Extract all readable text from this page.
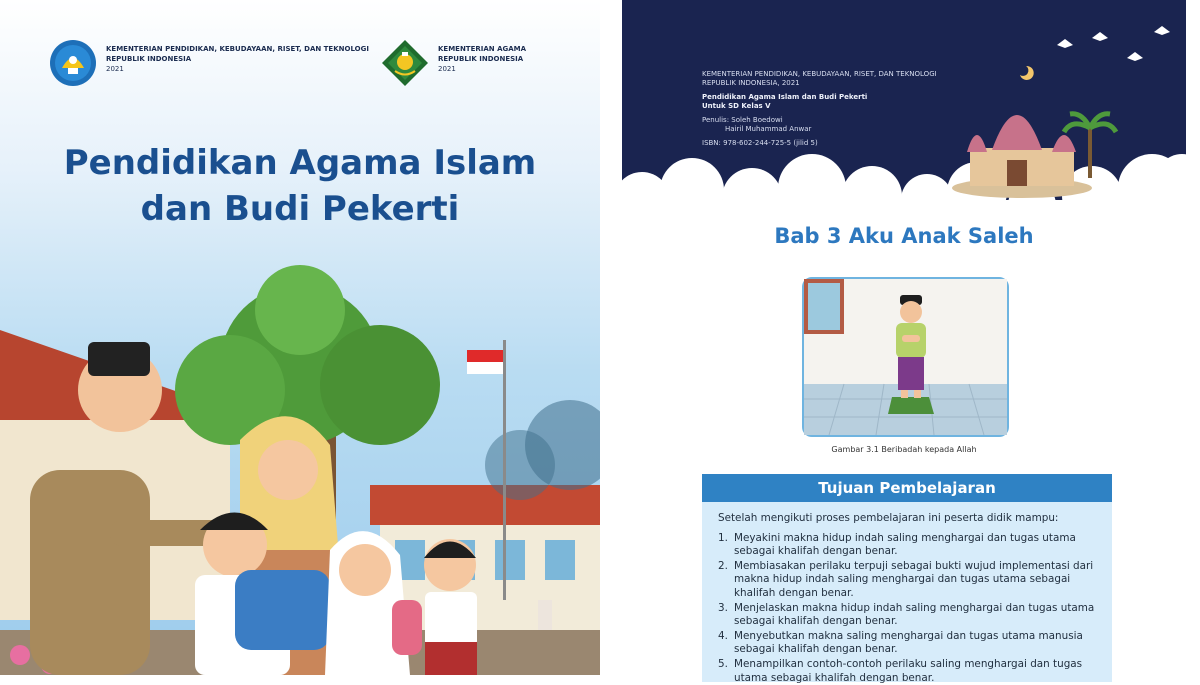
KEMENTERIAN PENDIDIKAN, KEBUDAYAAN, RISET, DAN TEKNOLOGI
REPUBLIK INDONESIA
2021
KEMENTERIAN AGAMA
REPUBLIK INDONESIA
2021
Pendidikan Agama Islam
dan Budi Pekerti
KEMENTERIAN PENDIDIKAN, KEBUDAYAAN, RISET, DAN TEKNOLOGI
REPUBLIK INDONESIA, 2021
Pendidikan Agama Islam dan Budi Pekerti
Untuk SD Kelas V
Penulis: Soleh Boedowi
Hairil Muhammad Anwar
ISBN: 978-602-244-725-5 (jilid 5)
Bab 3 Aku Anak Saleh
Gambar 3.1 Beribadah kepada Allah
Tujuan Pembelajaran
Setelah mengikuti proses pembelajaran ini peserta didik mampu:
1. Meyakini makna hidup indah saling menghargai dan tugas utama sebagai khalifah dengan benar.
2. Membiasakan perilaku terpuji sebagai bukti wujud implementasi dari makna hidup indah saling menghargai dan tugas utama sebagai khalifah dengan benar.
3. Menjelaskan makna hidup indah saling menghargai dan tugas utama sebagai khalifah dengan benar.
4. Menyebutkan makna saling menghargai dan tugas utama manusia sebagai khalifah dengan benar.
5. Menampilkan contoh-contoh perilaku saling menghargai dan tugas utama sebagai khalifah dengan benar.
